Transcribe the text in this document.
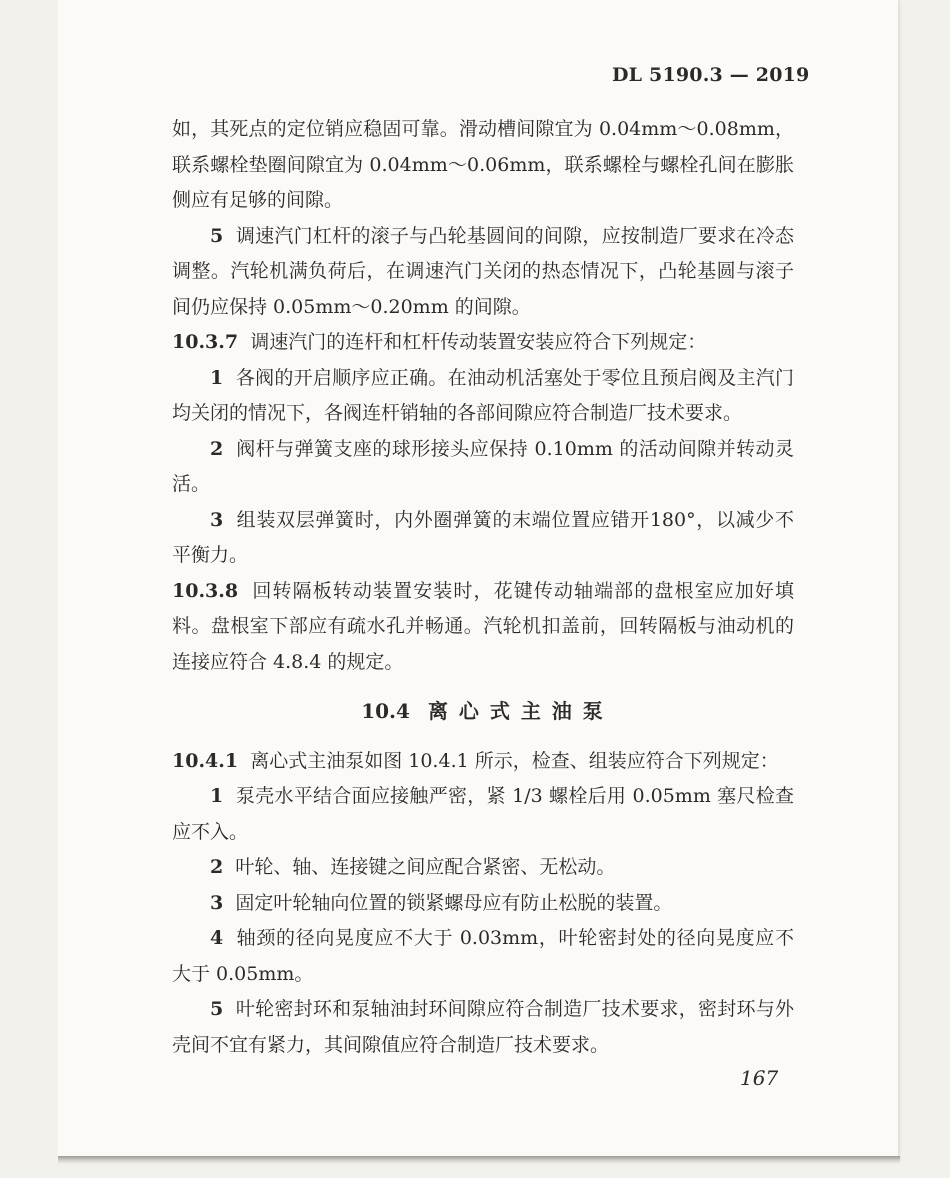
DL 5190.3 — 2019

如，其死点的定位销应稳固可靠。滑动槽间隙宜为 0.04mm～0.08mm，联系螺栓垫圈间隙宜为 0.04mm～0.06mm，联系螺栓与螺栓孔间在膨胀侧应有足够的间隙。

5 调速汽门杠杆的滚子与凸轮基圆间的间隙，应按制造厂要求在冷态调整。汽轮机满负荷后，在调速汽门关闭的热态情况下，凸轮基圆与滚子间仍应保持 0.05mm～0.20mm 的间隙。

10.3.7 调速汽门的连杆和杠杆传动装置安装应符合下列规定：

1 各阀的开启顺序应正确。在油动机活塞处于零位且预启阀及主汽门均关闭的情况下，各阀连杆销轴的各部间隙应符合制造厂技术要求。

2 阀杆与弹簧支座的球形接头应保持 0.10mm 的活动间隙并转动灵活。

3 组装双层弹簧时，内外圈弹簧的末端位置应错开180°，以减少不平衡力。

10.3.8 回转隔板转动装置安装时，花键传动轴端部的盘根室应加好填料。盘根室下部应有疏水孔并畅通。汽轮机扣盖前，回转隔板与油动机的连接应符合 4.8.4 的规定。

10.4 离 心 式 主 油 泵

10.4.1 离心式主油泵如图 10.4.1 所示，检查、组装应符合下列规定：

1 泵壳水平结合面应接触严密，紧 1/3 螺栓后用 0.05mm 塞尺检查应不入。

2 叶轮、轴、连接键之间应配合紧密、无松动。

3 固定叶轮轴向位置的锁紧螺母应有防止松脱的装置。

4 轴颈的径向晃度应不大于 0.03mm，叶轮密封处的径向晃度应不大于 0.05mm。

5 叶轮密封环和泵轴油封环间隙应符合制造厂技术要求，密封环与外壳间不宜有紧力，其间隙值应符合制造厂技术要求。

167
